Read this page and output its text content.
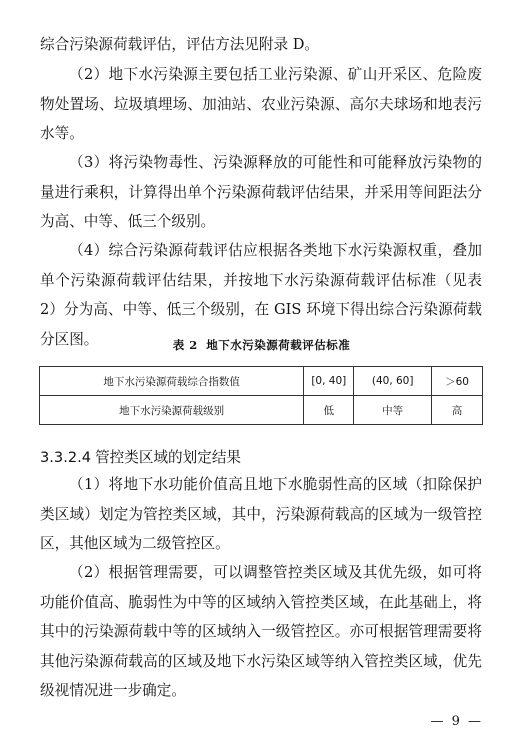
综合污染源荷载评估，评估方法见附录 D。

（2）地下水污染源主要包括工业污染源、矿山开采区、危险废物处置场、垃圾填埋场、加油站、农业污染源、高尔夫球场和地表污水等。

（3）将污染物毒性、污染源释放的可能性和可能释放污染物的量进行乘积，计算得出单个污染源荷载评估结果，并采用等间距法分为高、中等、低三个级别。

（4）综合污染源荷载评估应根据各类地下水污染源权重，叠加单个污染源荷载评估结果，并按地下水污染源荷载评估标准（见表 2）分为高、中等、低三个级别，在 GIS 环境下得出综合污染源荷载分区图。	表 2 地下水污染源荷载评估标准
地下水污染源荷载综合指数值	[0, 40]	(40, 60]	＞60
地下水污染源荷载级别	低	中等	高
3.3.2.4 管控类区域的划定结果

（1）将地下水功能价值高且地下水脆弱性高的区域（扣除保护类区域）划定为管控类区域，其中，污染源荷载高的区域为一级管控区，其他区域为二级管控区。

（2）根据管理需要，可以调整管控类区域及其优先级，如可将功能价值高、脆弱性为中等的区域纳入管控类区域，在此基础上，将其中的污染源荷载中等的区域纳入一级管控区。亦可根据管理需要将其他污染源荷载高的区域及地下水污染区域等纳入管控类区域，优先级视情况进一步确定。

— 9 —
